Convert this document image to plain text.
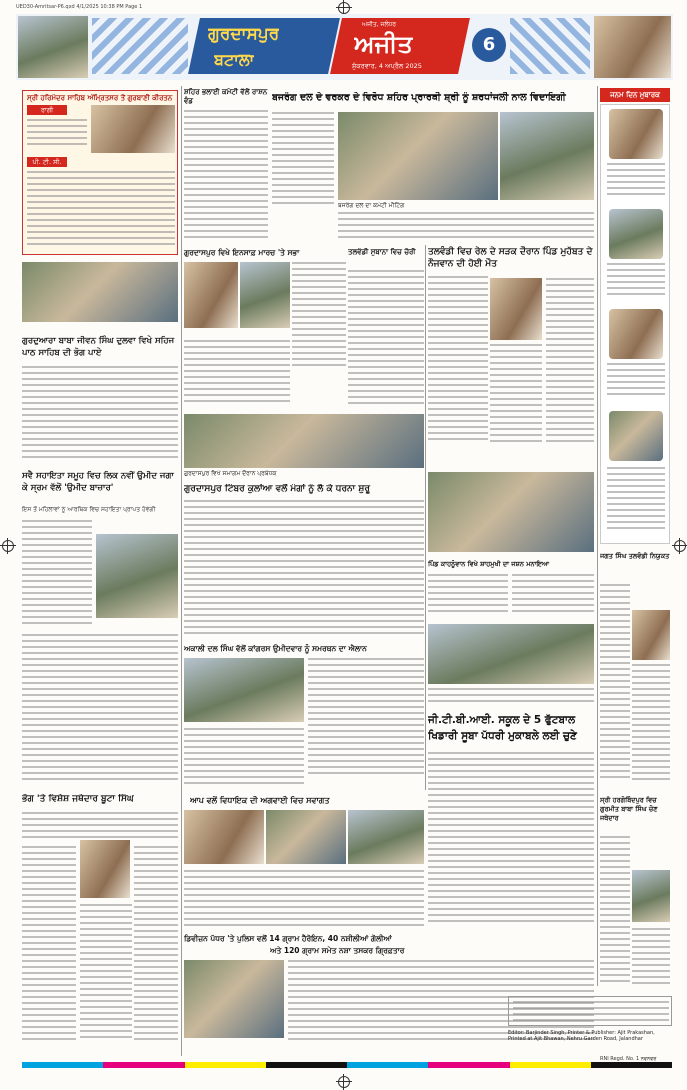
UED30-Amritsar-P6.qxd 4/1/2025 10:38 PM Page 1
ਗੁਰਦਾਸਪੁਰ
ਬਟਾਲਾ
ਅਜੀਤ, ਜਲੰਧਰ
ਅਜੀਤ
ਸ਼ੁੱਕਰਵਾਰ, 4 ਅਪ੍ਰੈਲ 2025
6
ਸ੍ਰੀ ਹਰਿਮੰਦਰ ਸਾਹਿਬ ਅੰਮ੍ਰਿਤਸਰ ਤੋਂ ਗੁਰਬਾਣੀ ਕੀਰਤਨ
ਰਾਗੀ
ਪੀ. ਟੀ. ਸੀ.
ਗੁਰਦੁਆਰਾ ਬਾਬਾ ਜੀਵਨ ਸਿੰਘ ਦੁਲਵਾ ਵਿਖੇ ਸਹਿਜ ਪਾਠ ਸਾਹਿਬ ਦੀ ਭੋਗ ਪਾਏ
ਸਵੈ ਸਹਾਇਤਾ ਸਮੂਹ ਵਿਚ ਲਿਕ ਨਵੀਂ ਉਮੀਦ ਜਗਾ ਕੇ ਸ੍ਰਮ ਵੱਲੋਂ 'ਉਮੀਦ ਬਾਜ਼ਾਰ'
ਇਸ ਤੋਂ ਮਹਿਲਾਵਾਂ ਨੂੰ ਆਰਥਿਕ ਵਿਚ ਸਹਾਇਤਾ ਪ੍ਰਾਪਤ ਹੋਵੇਗੀ
ਭੋਗ 'ਤੇ ਵਿਸ਼ੇਸ਼ ਜਥੇਦਾਰ ਬੂਟਾ ਸਿੰਘ
ਸ਼ਹਿਰ ਭਲਾਈ ਕਮੇਟੀ ਵੱਲੋਂ ਰਾਸ਼ਨ ਵੰਡ	ਬਜਰੰਗ ਦਲ ਦੇ ਵਰਕਰ ਦੇ ਵਿਰੋਧ ਸ਼ਹਿਰ ਪ੍ਰਾਰਥੀ ਸ਼੍ਰੀ ਨੂੰ ਸ਼ਰਧਾਂਜਲੀ ਨਾਲ ਵਿਦਾਇਗੀ
ਬਜਰੰਗ ਦਲ ਦਾ ਕਮੇਟੀ ਮੀਟਿੰਗ
ਗੁਰਦਾਸਪੁਰ ਵਿਖੇ ਇਨਸਾਫ਼ ਮਾਰਚ 'ਤੇ ਸਭਾ	ਤਲਵੰਡੀ ਸੁਬਾਨਾ ਵਿਚ ਚੋਰੀ
ਗੁਰਦਾਸਪੁਰ ਵਿਖੇ ਸਮਾਗਮ ਦੌਰਾਨ ਪ੍ਰਬੰਧਕ
ਗੁਰਦਾਸਪੁਰ ਟਿੰਬਰ ਕੁਲਾਂਆ ਵਲੋਂ ਮੰਗਾਂ ਨੂੰ ਲੈ ਕੇ ਧਰਨਾ ਸ਼ੁਰੂ
ਅਕਾਲੀ ਦਲ ਸਿੰਘ ਵੱਲੋਂ ਕਾਂਗਰਸ ਉਮੀਦਵਾਰ ਨੂੰ ਸਮਰਥਨ ਦਾ ਐਲਾਨ
ਆਪ ਵਲੋਂ ਵਿਧਾਇਕ ਦੀ ਅਗਵਾਈ ਵਿਚ ਸਵਾਗਤ
ਡਿਵੀਜ਼ਨ ਪੱਧਰ 'ਤੇ ਪੁਲਿਸ ਵਲੋਂ 14 ਗ੍ਰਾਮ ਹੈਰੋਇਨ, 40 ਨਸ਼ੀਲੀਆਂ ਗੋਲੀਆਂ
ਅਤੇ 120 ਗ੍ਰਾਮ ਸਮੇਤ ਨਸ਼ਾ ਤਸਕਰ ਗ੍ਰਿਫ਼ਤਾਰ
ਤਲਵੰਡੀ ਵਿਚ ਰੇਲ ਦੇ ਸੜਕ ਦੌਰਾਨ ਪਿੰਡ ਮੁਹੱਬਤ ਦੇ ਨੌਜਵਾਨ ਦੀ ਹੋਈ ਮੌਤ
ਪਿੰਡ ਕਾਹਨੂੰਵਾਨ ਵਿਖੇ ਸ਼ਾਹਮੁਖੀ ਦਾ ਜਸ਼ਨ ਮਨਾਇਆ
ਜੀ.ਟੀ.ਬੀ.ਆਈ. ਸਕੂਲ ਦੇ 5 ਫੁੱਟਬਾਲ ਖਿਡਾਰੀ ਸੂਬਾ ਪੱਧਰੀ ਮੁਕਾਬਲੇ ਲਈ ਚੁਣੇ
ਜਨਮ ਦਿਨ ਮੁਬਾਰਕ
ਜਗਤ ਸਿੰਘ ਤਲਵੰਡੀ ਨਿਯੁਕਤ
ਸ੍ਰੀ ਹਰਗੋਬਿੰਦਪੁਰ ਵਿਚ ਗੁਰਮੀਤ ਬਾਬਾ ਸਿੰਘ ਚੋਣ ਜਥੇਦਾਰ
Editor: Barjinder Singh, Printer & Publisher: Ajit Prakashan, Printed at Ajit Bhawan, Nehru Garden Road, Jalandhar
RNI Regd. No. 1 ਨਵਨਵਰ
